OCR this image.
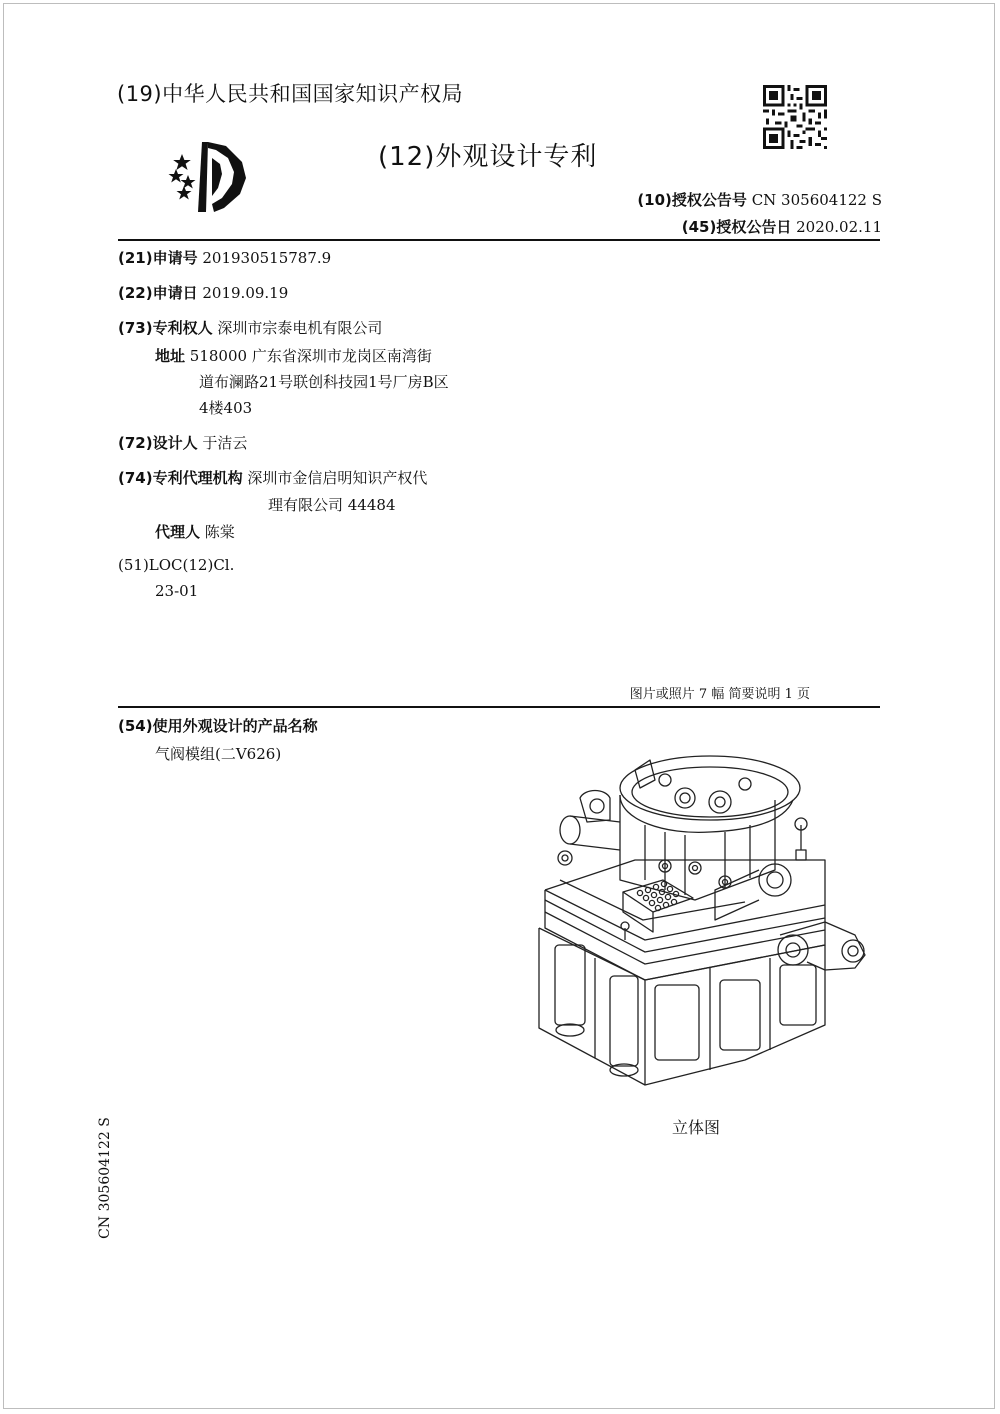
(19)中华人民共和国国家知识产权局
(12)外观设计专利
(10)授权公告号 CN 305604122 S
(45)授权公告日 2020.02.11
(21)申请号 201930515787.9
(22)申请日 2019.09.19
(73)专利权人 深圳市宗泰电机有限公司
地址 518000 广东省深圳市龙岗区南湾街
道布澜路21号联创科技园1号厂房B区
4楼403
(72)设计人 于洁云
(74)专利代理机构 深圳市金信启明知识产权代
理有限公司 44484
代理人 陈棠
(51)LOC(12)Cl.
23-01
图片或照片 7 幅 简要说明 1 页
(54)使用外观设计的产品名称
气阀模组(二V626)
立体图
CN 305604122 S
